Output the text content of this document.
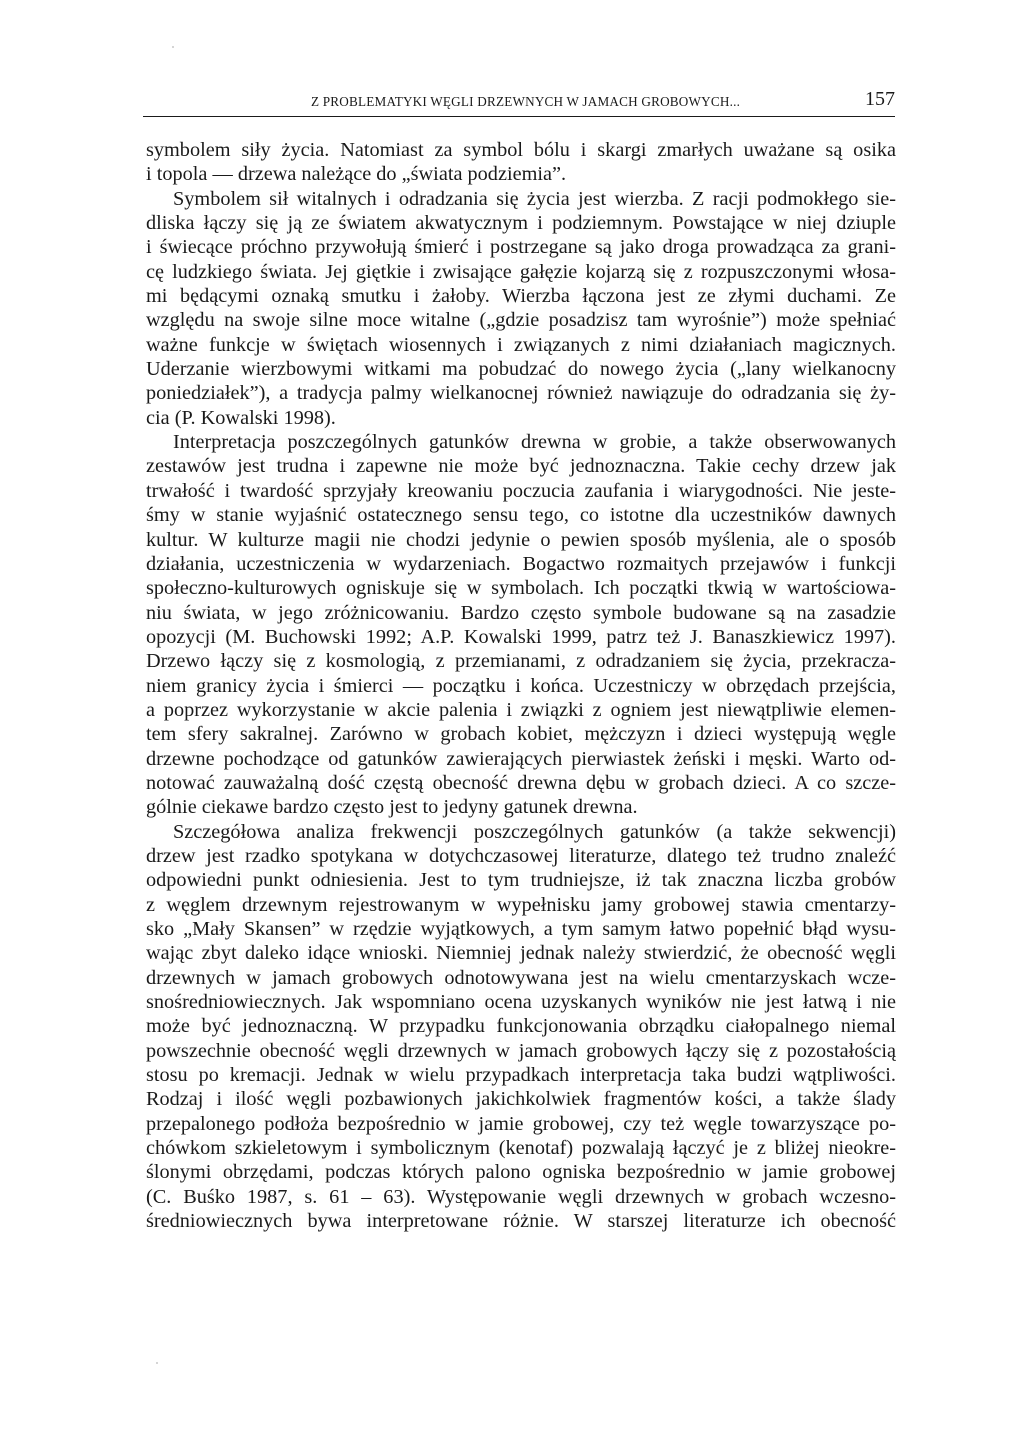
Z PROBLEMATYKI WĘGLI DRZEWNYCH W JAMACH GROBOWYCH...	157
symbolem siły życia. Natomiast za symbol bólu i skargi zmarłych uważane są osika
i topola — drzewa należące do „świata podziemia”.
Symbolem sił witalnych i odradzania się życia jest wierzba. Z racji podmokłego sie-
dliska łączy się ją ze światem akwatycznym i podziemnym. Powstające w niej dziuple
i świecące próchno przywołują śmierć i postrzegane są jako droga prowadząca za grani-
cę ludzkiego świata. Jej giętkie i zwisające gałęzie kojarzą się z rozpuszczonymi włosa-
mi będącymi oznaką smutku i żałoby. Wierzba łączona jest ze złymi duchami. Ze
względu na swoje silne moce witalne („gdzie posadzisz tam wyrośnie”) może spełniać
ważne funkcje w świętach wiosennych i związanych z nimi działaniach magicznych.
Uderzanie wierzbowymi witkami ma pobudzać do nowego życia („lany wielkanocny
poniedziałek”), a tradycja palmy wielkanocnej również nawiązuje do odradzania się ży-
cia (P. Kowalski 1998).
Interpretacja poszczególnych gatunków drewna w grobie, a także obserwowanych
zestawów jest trudna i zapewne nie może być jednoznaczna. Takie cechy drzew jak
trwałość i twardość sprzyjały kreowaniu poczucia zaufania i wiarygodności. Nie jeste-
śmy w stanie wyjaśnić ostatecznego sensu tego, co istotne dla uczestników dawnych
kultur. W kulturze magii nie chodzi jedynie o pewien sposób myślenia, ale o sposób
działania, uczestniczenia w wydarzeniach. Bogactwo rozmaitych przejawów i funkcji
społeczno-kulturowych ogniskuje się w symbolach. Ich początki tkwią w wartościowa-
niu świata, w jego zróżnicowaniu. Bardzo często symbole budowane są na zasadzie
opozycji (M. Buchowski 1992; A.P. Kowalski 1999, patrz też J. Banaszkiewicz 1997).
Drzewo łączy się z kosmologią, z przemianami, z odradzaniem się życia, przekracza-
niem granicy życia i śmierci — początku i końca. Uczestniczy w obrzędach przejścia,
a poprzez wykorzystanie w akcie palenia i związki z ogniem jest niewątpliwie elemen-
tem sfery sakralnej. Zarówno w grobach kobiet, mężczyzn i dzieci występują węgle
drzewne pochodzące od gatunków zawierających pierwiastek żeński i męski. Warto od-
notować zauważalną dość częstą obecność drewna dębu w grobach dzieci. A co szcze-
gólnie ciekawe bardzo często jest to jedyny gatunek drewna.
Szczegółowa analiza frekwencji poszczególnych gatunków (a także sekwencji)
drzew jest rzadko spotykana w dotychczasowej literaturze, dlatego też trudno znaleźć
odpowiedni punkt odniesienia. Jest to tym trudniejsze, iż tak znaczna liczba grobów
z węglem drzewnym rejestrowanym w wypełnisku jamy grobowej stawia cmentarzy-
sko „Mały Skansen” w rzędzie wyjątkowych, a tym samym łatwo popełnić błąd wysu-
wając zbyt daleko idące wnioski. Niemniej jednak należy stwierdzić, że obecność węgli
drzewnych w jamach grobowych odnotowywana jest na wielu cmentarzyskach wcze-
snośredniowiecznych. Jak wspomniano ocena uzyskanych wyników nie jest łatwą i nie
może być jednoznaczną. W przypadku funkcjonowania obrządku ciałopalnego niemal
powszechnie obecność węgli drzewnych w jamach grobowych łączy się z pozostałością
stosu po kremacji. Jednak w wielu przypadkach interpretacja taka budzi wątpliwości.
Rodzaj i ilość węgli pozbawionych jakichkolwiek fragmentów kości, a także ślady
przepalonego podłoża bezpośrednio w jamie grobowej, czy też węgle towarzyszące po-
chówkom szkieletowym i symbolicznym (kenotaf) pozwalają łączyć je z bliżej nieokre-
ślonymi obrzędami, podczas których palono ogniska bezpośrednio w jamie grobowej
(C. Buśko 1987, s. 61 – 63). Występowanie węgli drzewnych w grobach wczesno-
średniowiecznych bywa interpretowane różnie. W starszej literaturze ich obecność
